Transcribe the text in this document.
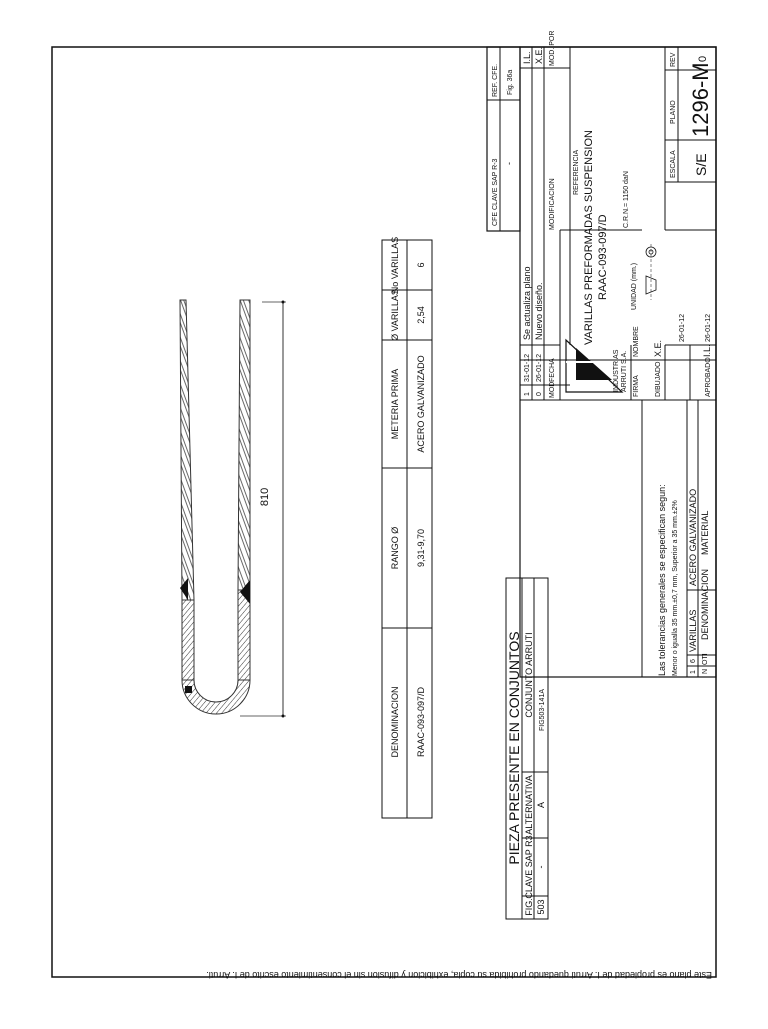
Este plano es propiedad de I. Arruti quedando prohibida su copia, exhibicion y difusion sin el consentimiento escrito de I. Arruti.
810
DENOMINACION
RANGO Ø
METERIA PRIMA
Ø VARILLAS
No VARILLAS
RAAC-093-097/D
9,31-9,70
ACERO GALVANIZADO
2,54
6
PIEZA PRESENTE EN CONJUNTOS
FIG.
CLAVE SAP R3
ALTERNATIVA
CONJUNTO ARRUTI
503
-
A
FIG503-141A
Las tolerancias generales se especifican segun: Menor o igualla 35 mm.±0,7 mm, Superior a 35 mm.±2% 1
6
VARILLAS
ACERO GALVANIZADO
N
OTI
DENOMINACION
MATERIAL
FIRMA
NOMBRE
DIBUJADO
X.E.
26-01-12
APROBADO
I.L.
26-01-12
INDUSTRIAS ARRUTI S.A.
UNIDAD (mm.)
C.R.N.= 1150 daN
VARILLAS PREFORMADAS SUSPENSION RAAC-093-097/D
REFERENCIA	ESCALA S/E
PLANO 1296-M
REV 0
1
31-01-12
Se actualiza plano
I.L.
0
26-01-12
Nuevo diseño.
X.E.
MOD.
FECHA
MODIFICACION
MOD. POR
CFE CLAVE SAP R-3 -
REF. CFE. Fig. 36a
